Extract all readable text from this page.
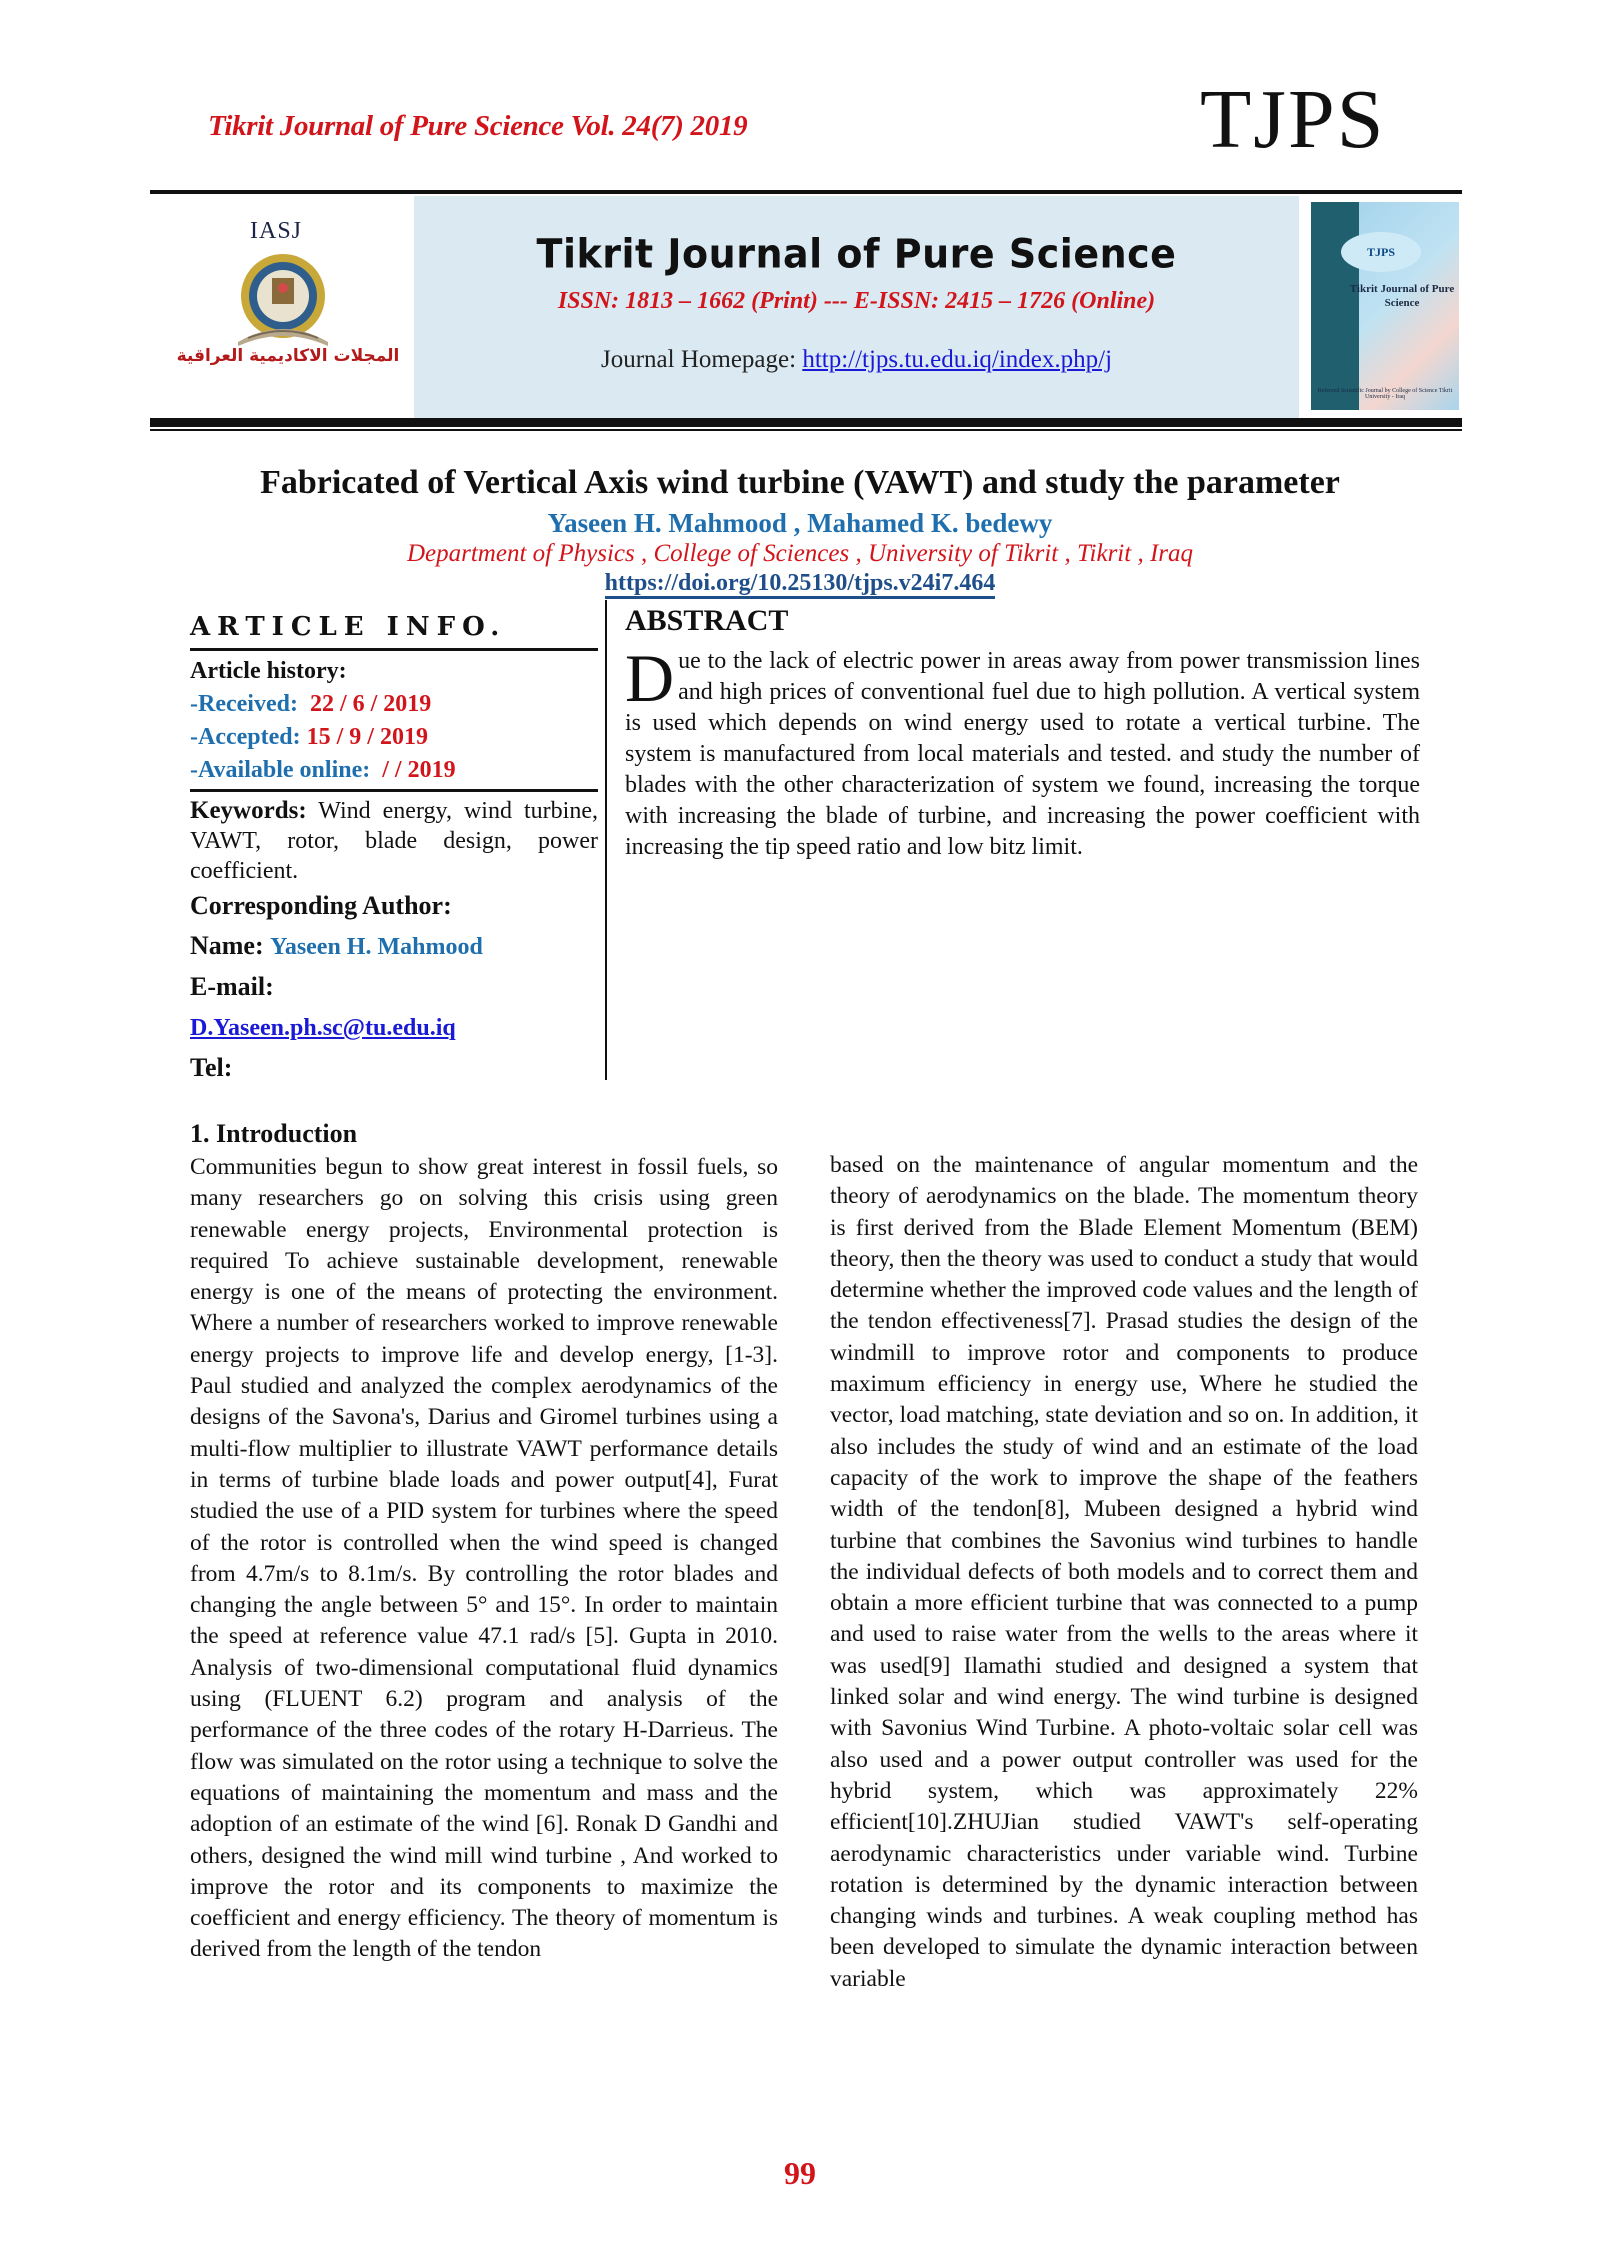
Tikrit Journal of Pure Science Vol. 24(7) 2019	TJPS
IASJ
المجلات الاكاديمية العراقية
Tikrit Journal of Pure Science
ISSN: 1813 – 1662 (Print) --- E-ISSN: 2415 – 1726 (Online)
Journal Homepage: http://tjps.tu.edu.iq/index.php/j
TJPS
Tikrit Journal of Pure Science
Refereed Scientific Journal by College of Science Tikrit University - Iraq
Fabricated of Vertical Axis wind turbine (VAWT) and study the parameter
Yaseen H. Mahmood , Mahamed K. bedewy
Department of Physics , College of Sciences , University of Tikrit , Tikrit , Iraq
https://doi.org/10.25130/tjps.v24i7.464
ARTICLE INFO.
Article history:
-Received: 22 / 6 / 2019
-Accepted: 15 / 9 / 2019
-Available online: / / 2019
Keywords: Wind energy, wind turbine, VAWT, rotor, blade design, power coefficient.
Corresponding Author:
Name: Yaseen H. Mahmood
E-mail:
D.Yaseen.ph.sc@tu.edu.iq
Tel:
ABSTRACT

Due to the lack of electric power in areas away from power transmission lines and high prices of conventional fuel due to high pollution. A vertical system is used which depends on wind energy used to rotate a vertical turbine. The system is manufactured from local materials and tested. and study the number of blades with the other characterization of system we found, increasing the torque with increasing the blade of turbine, and increasing the power coefficient with increasing the tip speed ratio and low bitz limit.

1. Introduction

Communities begun to show great interest in fossil fuels, so many researchers go on solving this crisis using green renewable energy projects, Environmental protection is required To achieve sustainable development, renewable energy is one of the means of protecting the environment. Where a number of researchers worked to improve renewable energy projects to improve life and develop energy, [1-3]. Paul studied and analyzed the complex aerodynamics of the designs of the Savona's, Darius and Giromel turbines using a multi-flow multiplier to illustrate VAWT performance details in terms of turbine blade loads and power output[4], Furat studied the use of a PID system for turbines where the speed of the rotor is controlled when the wind speed is changed from 4.7m/s to 8.1m/s. By controlling the rotor blades and changing the angle between 5° and 15°. In order to maintain the speed at reference value 47.1 rad/s [5]. Gupta in 2010. Analysis of two-dimensional computational fluid dynamics using (FLUENT 6.2) program and analysis of the performance of the three codes of the rotary H-Darrieus. The flow was simulated on the rotor using a technique to solve the equations of maintaining the momentum and mass and the adoption of an estimate of the wind [6]. Ronak D Gandhi and others, designed the wind mill wind turbine , And worked to improve the rotor and its components to maximize the coefficient and energy efficiency. The theory of momentum is derived from the length of the tendon

based on the maintenance of angular momentum and the theory of aerodynamics on the blade. The momentum theory is first derived from the Blade Element Momentum (BEM) theory, then the theory was used to conduct a study that would determine whether the improved code values and the length of the tendon effectiveness[7]. Prasad studies the design of the windmill to improve rotor and components to produce maximum efficiency in energy use, Where he studied the vector, load matching, state deviation and so on. In addition, it also includes the study of wind and an estimate of the load capacity of the work to improve the shape of the feathers width of the tendon[8], Mubeen designed a hybrid wind turbine that combines the Savonius wind turbines to handle the individual defects of both models and to correct them and obtain a more efficient turbine that was connected to a pump and used to raise water from the wells to the areas where it was used[9] Ilamathi studied and designed a system that linked solar and wind energy. The wind turbine is designed with Savonius Wind Turbine. A photo-voltaic solar cell was also used and a power output controller was used for the hybrid system, which was approximately 22% efficient[10].ZHUJian studied VAWT's self-operating aerodynamic characteristics under variable wind. Turbine rotation is determined by the dynamic interaction between changing winds and turbines. A weak coupling method has been developed to simulate the dynamic interaction between variable

99
